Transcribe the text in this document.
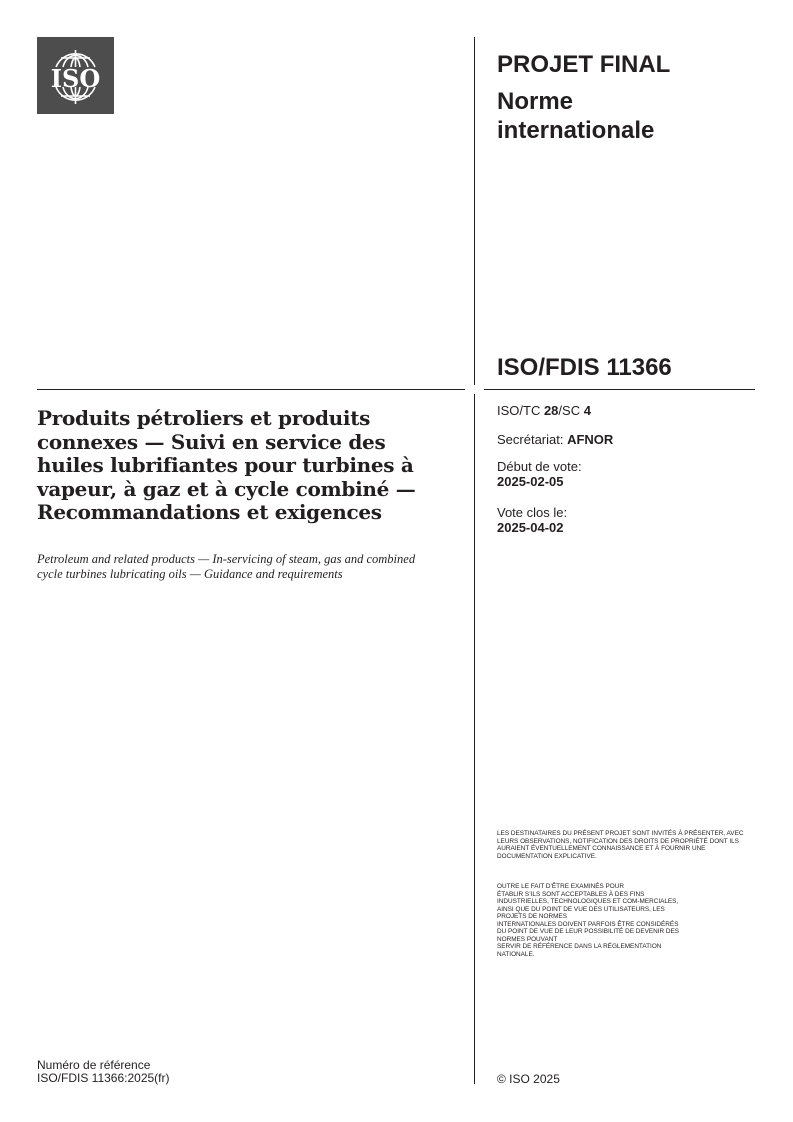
ISO	PROJET FINAL
Norme
internationale
ISO/FDIS 11366
ISO/TC 28/SC 4
Secrétariat: AFNOR
Début de vote:
2025-02-05
Vote clos le:
2025-04-02
Produits pétroliers et produits connexes — Suivi en service des huiles lubrifiantes pour turbines à vapeur, à gaz et à cycle combiné — Recommandations et exigences
Petroleum and related products — In-servicing of steam, gas and combined cycle turbines lubricating oils — Guidance and requirements

LES DESTINATAIRES DU PRÉSENT PROJET SONT INVITÉS À PRÉSENTER, AVEC LEURS OBSERVATIONS, NOTIFICATION DES DROITS DE PROPRIÉTÉ DONT ILS AURAIENT ÉVENTUELLEMENT CONNAISSANCE ET À FOURNIR UNE DOCUMENTATION EXPLICATIVE.

OUTRE LE FAIT D’ÊTRE EXAMINÉS POUR
ÉTABLIR S’ILS SONT ACCEPTABLES À DES FINS
INDUSTRIELLES, TECHNOLOGIQUES ET COM-MERCIALES,
AINSI QUE DU POINT DE VUE DES UTILISATEURS, LES
PROJETS DE NORMES
INTERNATIONALES DOIVENT PARFOIS ÊTRE CONSIDÉRÉS
DU POINT DE VUE DE LEUR POSSIBILITÉ DE DEVENIR DES
NORMES POUVANT
SERVIR DE RÉFÉRENCE DANS LA RÉGLEMENTATION
NATIONALE.
Numéro de référence
ISO/FDIS 11366:2025(fr)	© ISO 2025
